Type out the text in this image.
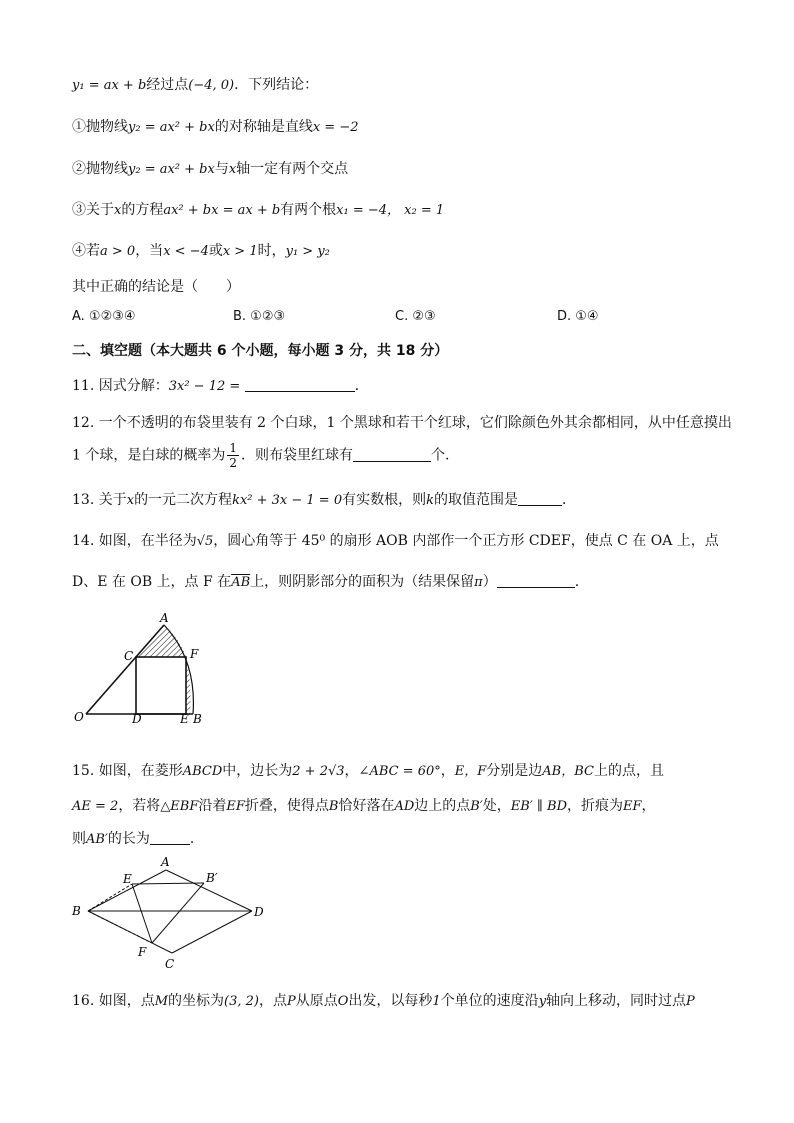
y₁ = ax + b经过点(−4, 0)．下列结论：
①抛物线y₂ = ax² + bx的对称轴是直线x = −2
②抛物线y₂ = ax² + bx与x轴一定有两个交点
③关于x的方程ax² + bx = ax + b有两个根x₁ = −4， x₂ = 1
④若a > 0，当x < −4或x > 1时，y₁ > y₂
其中正确的结论是（　　）
A. ①②③④	B. ①②③	C. ②③	D. ①④
二、填空题（本大题共 6 个小题，每小题 3 分，共 18 分）
11. 因式分解：3x² − 12 =	．
12. 一个不透明的布袋里装有 2 个白球，1 个黑球和若干个红球，它们除颜色外其余都相同，从中任意摸出
1 个球，是白球的概率为 $\frac{1}{2}$ ．则布袋里红球有	个.
13. 关于x的一元二次方程kx² + 3x − 1 = 0有实数根，则k的取值范围是	．
14. 如图，在半径为√5，圆心角等于 45⁰ 的扇形 AOB 内部作一个正方形 CDEF，使点 C 在 OA 上，点
D、E 在 OB 上，点 F 在$\overline{AB}$上，则阴影部分的面积为（结果保留π）	.
A
C	F
O	D	E B
15. 如图，在菱形ABCD中，边长为2 + 2√3，∠ABC = 60°，E，F分别是边AB，BC上的点，且
AE = 2，若将△EBF沿着EF折叠，使得点B恰好落在AD边上的点B′处，EB′ ∥ BD，折痕为EF，
则AB′的长为	．
A
E	B′
B	D
F
C
16. 如图，点M的坐标为(3, 2)，点P从原点O出发，以每秒1个单位的速度沿y轴向上移动，同时过点P
